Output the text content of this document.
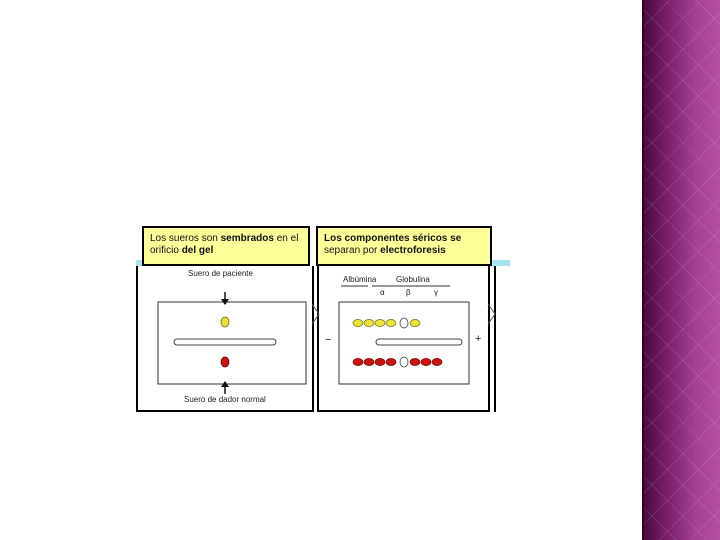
Los sueros son sembrados en el
orificio del gel
Los componentes séricos se
separan por electroforesis
Suero de paciente
Suero de dador normal
Albúmina Globulina
α	β	γ
−	+
